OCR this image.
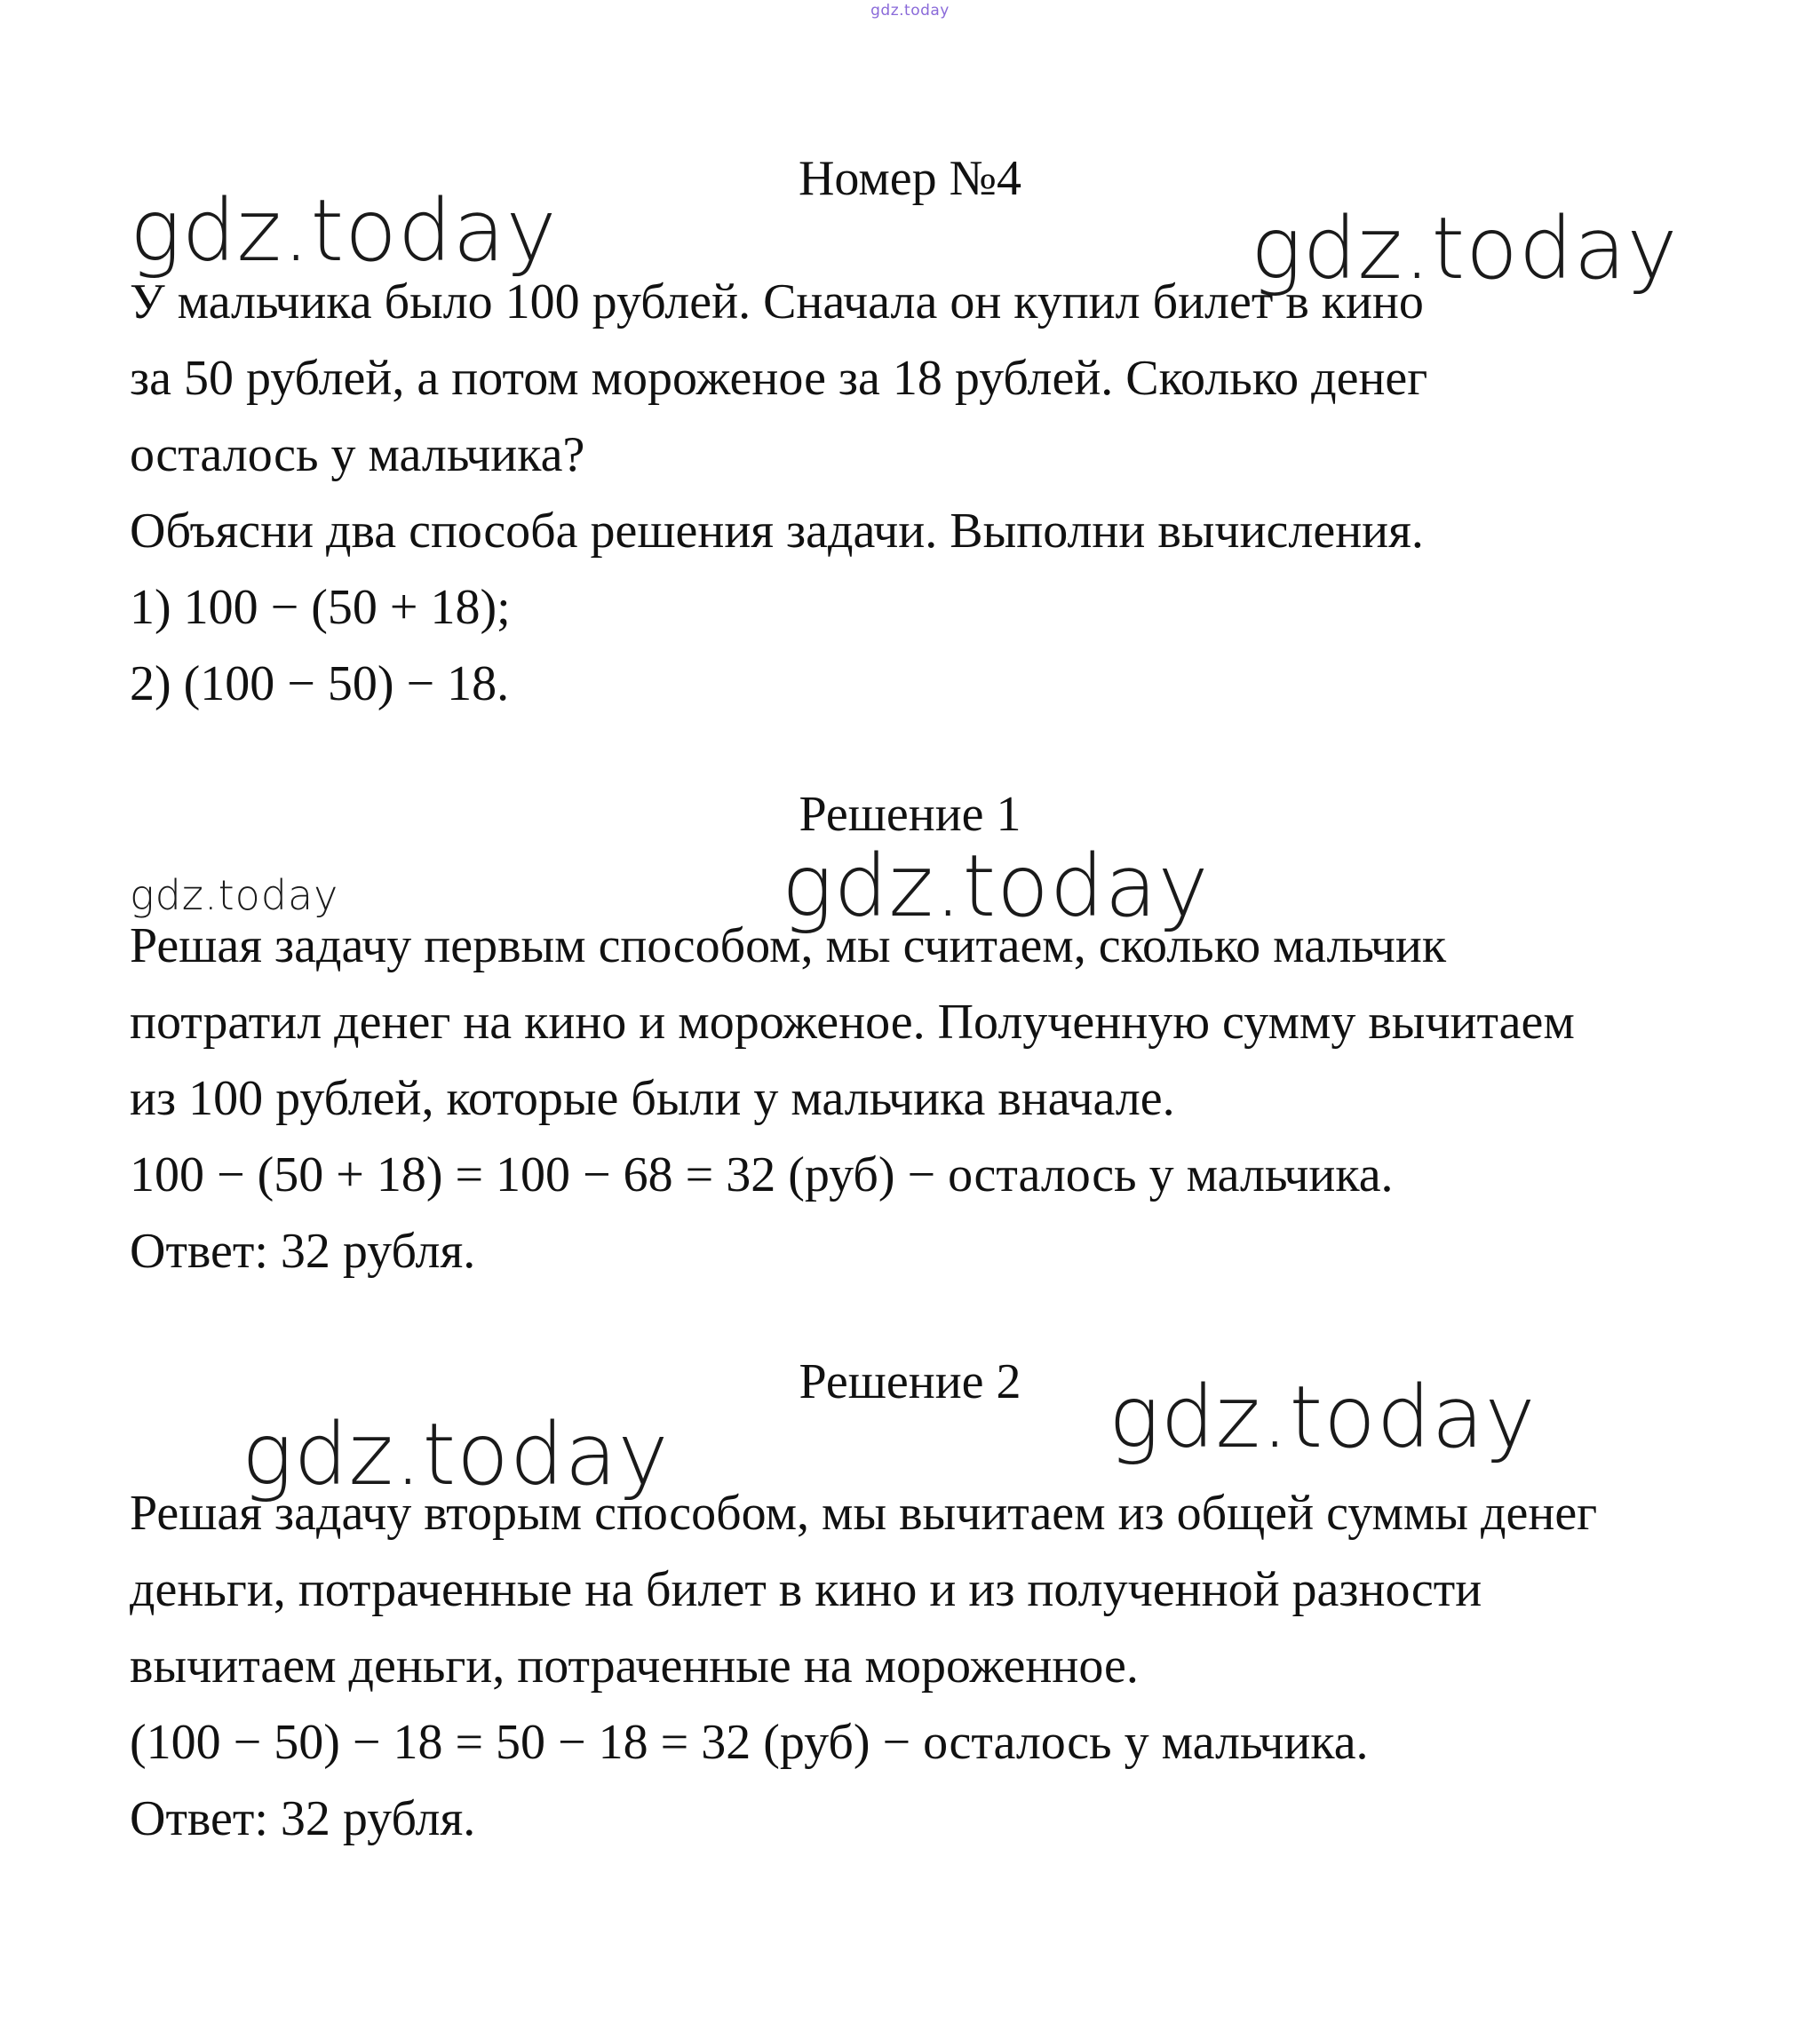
gdz.today
Номер №4
У мальчика было 100 рублей. Сначала он купил билет в кино
за 50 рублей, а потом мороженое за 18 рублей. Сколько денег
осталось у мальчика?
Объясни два способа решения задачи. Выполни вычисления.
1) 100 − (50 + 18);
2) (100 − 50) − 18.
Решение 1
Решая задачу первым способом, мы считаем, сколько мальчик
потратил денег на кино и мороженое. Полученную сумму вычитаем
из 100 рублей, которые были у мальчика вначале.
100 − (50 + 18) = 100 − 68 = 32 (руб) − осталось у мальчика.
Ответ: 32 рубля.
Решение 2
Решая задачу вторым способом, мы вычитаем из общей суммы денег
деньги, потраченные на билет в кино и из полученной разности
вычитаем деньги, потраченные на мороженное.
(100 − 50) − 18 = 50 − 18 = 32 (руб) − осталось у мальчика.
Ответ: 32 рубля.
gdz.today	gdz.today
gdz.today	gdz.today
gdz.today
gdz.today
